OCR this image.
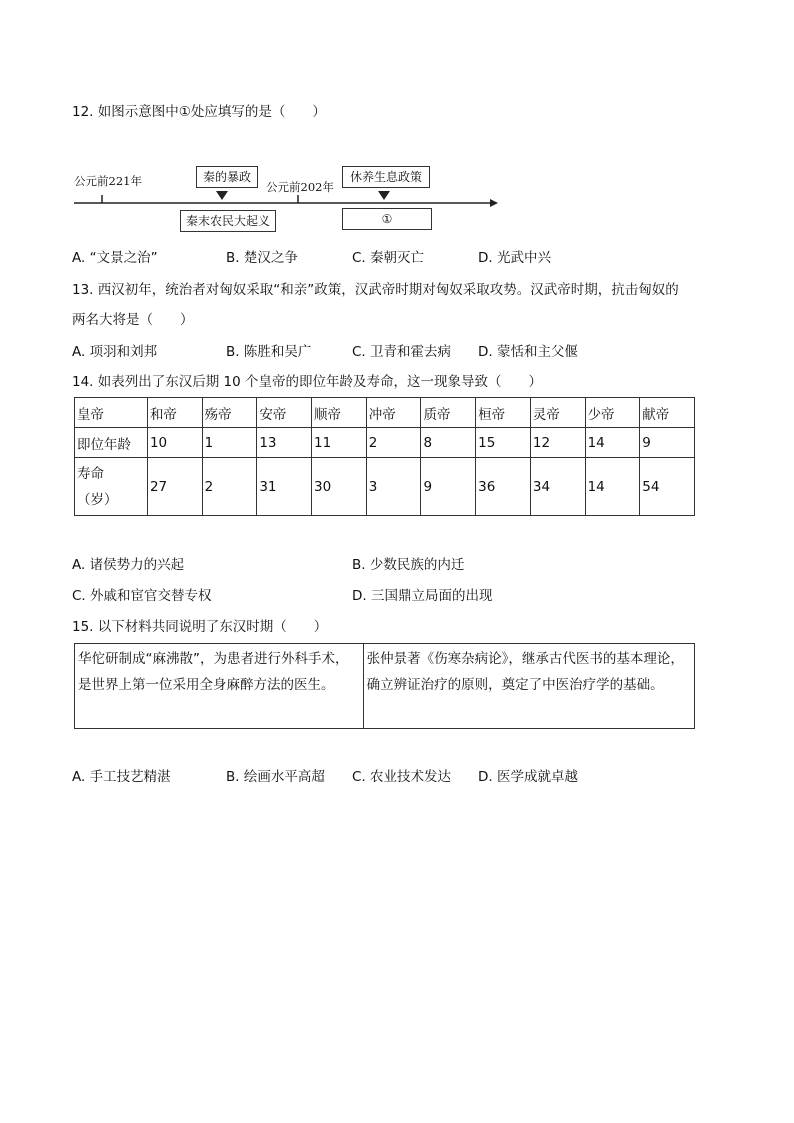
12. 如图示意图中①处应填写的是（　　）
公元前221年	公元前202年
秦的暴政
秦末农民大起义
休养生息政策
①
A. “文景之治”	B. 楚汉之争	C. 秦朝灭亡	D. 光武中兴
13. 西汉初年，统治者对匈奴采取“和亲”政策，汉武帝时期对匈奴采取攻势。汉武帝时期，抗击匈奴的
两名大将是（　　）
A. 项羽和刘邦	B. 陈胜和吴广	C. 卫青和霍去病 D. 蒙恬和主父偃
14. 如表列出了东汉后期 10 个皇帝的即位年龄及寿命，这一现象导致（　　）
皇帝	和帝	殇帝	安帝	顺帝	冲帝	质帝	桓帝	灵帝	少帝	献帝
即位年龄	10	1	13	11	2	8	15	12	14	9

寿命
（岁）	27	2	31	30	3	9	36	34	14	54
A. 诸侯势力的兴起	B. 少数民族的内迁
C. 外戚和宦官交替专权	D. 三国鼎立局面的出现
15. 以下材料共同说明了东汉时期（　　）
华佗研制成“麻沸散”，为患者进行外科手术，是世界上第一位采用全身麻醉方法的医生。	张仲景著《伤寒杂病论》，继承古代医书的基本理论，确立辨证治疗的原则，奠定了中医治疗学的基础。
A. 手工技艺精湛	B. 绘画水平高超 C. 农业技术发达 D. 医学成就卓越
